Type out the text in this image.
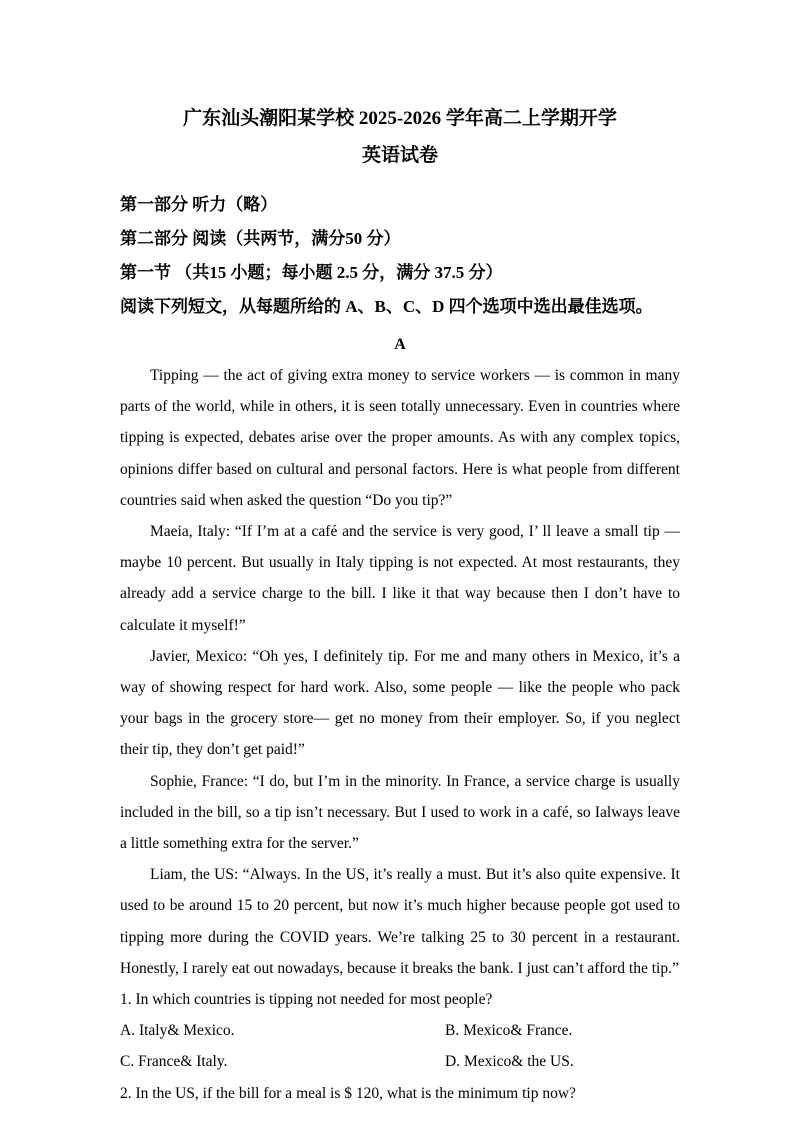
广东汕头潮阳某学校 2025-2026 学年高二上学期开学
英语试卷

第一部分 听力（略）

第二部分 阅读（共两节，满分50 分）

第一节 （共15 小题；每小题 2.5 分，满分 37.5 分）

阅读下列短文，从每题所给的 A、B、C、D 四个选项中选出最佳选项。

A

Tipping — the act of giving extra money to service workers — is common in many parts of the world, while in others, it is seen totally unnecessary. Even in countries where tipping is expected, debates arise over the proper amounts. As with any complex topics, opinions differ based on cultural and personal factors. Here is what people from different countries said when asked the question “Do you tip?”

Maeia, Italy: “If I’m at a café and the service is very good, I’ ll leave a small tip — maybe 10 percent. But usually in Italy tipping is not expected. At most restaurants, they already add a service charge to the bill. I like it that way because then I don’t have to calculate it myself!”

Javier, Mexico: “Oh yes, I definitely tip. For me and many others in Mexico, it’s a way of showing respect for hard work. Also, some people — like the people who pack your bags in the grocery store— get no money from their employer. So, if you neglect their tip, they don’t get paid!”

Sophie, France: “I do, but I’m in the minority. In France, a service charge is usually included in the bill, so a tip isn’t necessary. But I used to work in a café, so Ialways leave a little something extra for the server.”

Liam, the US: “Always. In the US, it’s really a must. But it’s also quite expensive. It used to be around 15 to 20 percent, but now it’s much higher because people got used to tipping more during the COVID years. We’re talking 25 to 30 percent in a restaurant. Honestly, I rarely eat out nowadays, because it breaks the bank. I just can’t afford the tip.”

1. In which countries is tipping not needed for most people?

A. Italy& Mexico.	B. Mexico& France.
C. France& Italy.	D. Mexico& the US.

2. In the US, if the bill for a meal is $ 120, what is the minimum tip now?
